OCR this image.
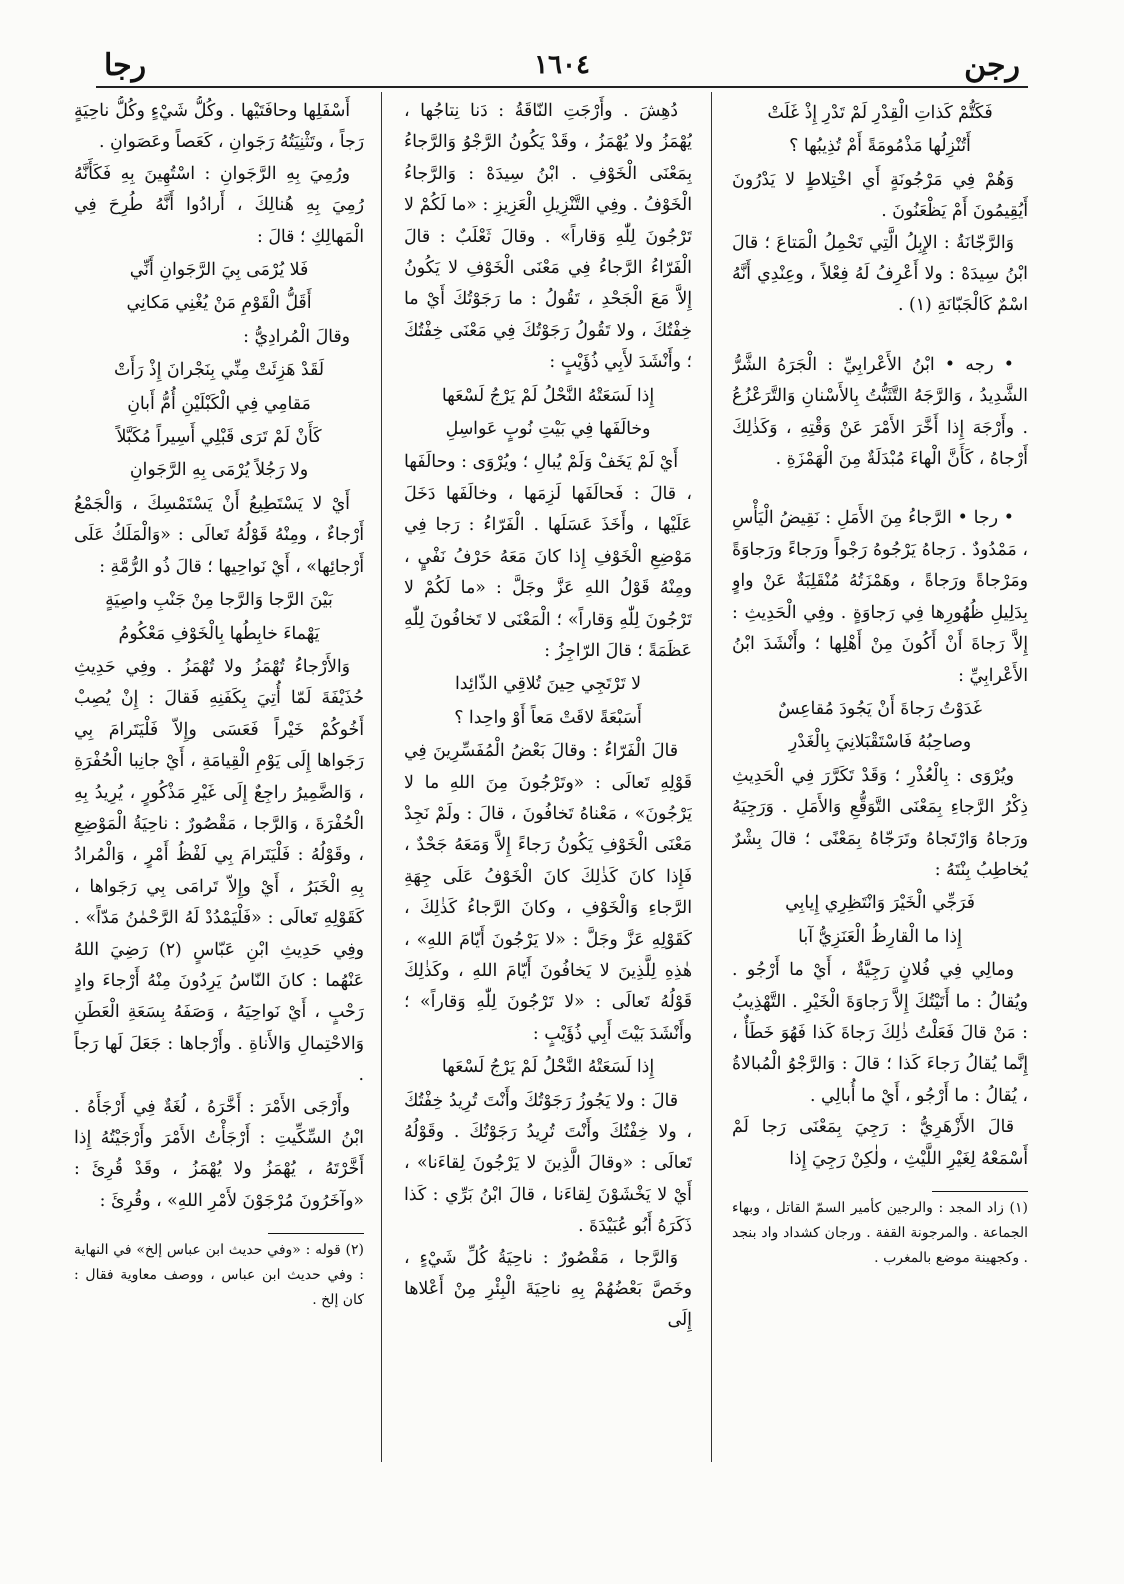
رجن
١٦٠٤
رجا

فَكَتُّمْ كَذاتِ الْقِدْرِ لَمْ تَدْرِ إِذْ غَلَتْ

أَتُنْزِلُها مَذْمُومَةً أَمْ تُذِيبُها ؟

وَهُمْ فِي مَرْجُونَةٍ أَي اخْتِلاطٍ لا يَدْرُونَ أَيُقِيمُونَ أَمْ يَظْعَنُونَ .

وَالرَّجّانَةُ : الإِبِلُ الَّتِي تَحْمِلُ الْمَتاعَ ؛ قالَ ابْنُ سِيدَهْ : ولا أَعْرِفُ لَهُ فِعْلاً ، وعِنْدِي أَنَّهُ اسْمٌ كَالْجَبّانَةِ (١) .

• رجه • ابْنُ الأَعْرابِيِّ : الْجَرَهُ الشَّرُّ الشَّدِيدُ ، وَالرَّجَهُ التَّثَبُّتُ بِالأَسْنانِ وَالتَّرَعْزُعُ . وأَرْجَهَ إِذا أَخَّرَ الأَمْرَ عَنْ وَقْتِهِ ، وَكَذٰلِكَ أَرْجاهُ ، كَأَنَّ الْهاءَ مُبْدَلَةٌ مِنَ الْهَمْزَةِ .

• رجا • الرَّجاءُ مِنَ الأَمَلِ : نَقِيضُ الْيَأْسِ ، مَمْدُودٌ . رَجاهُ يَرْجُوهُ رَجْواً ورَجاءً ورَجاوَةً ومَرْجاةً ورَجاةً ، وهَمْزَتُهُ مُنْقَلِبَةٌ عَنْ واوٍ بِدَلِيلِ ظُهُورِها فِي رَجاوَةٍ . وفِي الْحَدِيثِ : إِلاَّ رَجاةَ أَنْ أَكُونَ مِنْ أَهْلِها ؛ وأَنْشَدَ ابْنُ الأَعْرابِيِّ :

غَدَوْتُ رَجاةَ أَنْ يَجُودَ مُقاعِسٌ

وصاحِبُهُ فَاسْتَقْبَلانِيَ بِالْغَدْرِ

ويُرْوَى : بِالْعُذْرِ ؛ وَقَدْ تَكَرَّرَ فِي الْحَدِيثِ ذِكْرُ الرَّجاءِ بِمَعْنَى التَّوَقُّعِ وَالأَمَلِ . وَرَجِيَهُ ورَجاهُ وَارْتَجاهُ وتَرَجّاهُ بِمَعْنًى ؛ قالَ بِشْرٌ يُخاطِبُ بِنْتَهُ :

فَرَجِّي الْخَيْرَ وَانْتَظِرِي إِيابِي

إِذا ما الْقارِظُ الْعَنَزِيُّ آبا

ومالِي فِي فُلانٍ رَجِيَّةٌ ، أَيْ ما أَرْجُو . ويُقالُ : ما أَتَيْتُكَ إِلاَّ رَجاوَةَ الْخَيْرِ . التَّهْذِيبُ : مَنْ قالَ فَعَلْتُ ذٰلِكَ رَجاةَ كَذا فَهُوَ خَطَأٌ ، إِنَّما يُقالُ رَجاءَ كَذا ؛ قالَ : وَالرَّجْوُ الْمُبالاةُ ، يُقالُ : ما أَرْجُو ، أَيْ ما أُبالِي .

قالَ الأَزْهَرِيُّ : رَجِيَ بِمَعْنَى رَجا لَمْ أَسْمَعْهُ لِغَيْرِ اللَّيْثِ ، ولٰكِنْ رَجِيَ إِذا

(١) زاد المجد : والرجين كأمير السمّ القاتل ، وبهاء الجماعة . والمرجونة القفة . ورجان كشداد واد بنجد . وكجهينة موضع بالمغرب .

دُهِشَ . وأَرْجَتِ النّاقَةُ : دَنا نِتاجُها ، يُهْمَزُ ولا يُهْمَزُ ، وقَدْ يَكُونُ الرَّجْوُ وَالرَّجاءُ بِمَعْنَى الْخَوْفِ . ابْنُ سِيدَهْ : وَالرَّجاءُ الْخَوْفُ . وفِي التَّنْزِيلِ الْعَزِيزِ : «ما لَكُمْ لا تَرْجُونَ لِلّٰهِ وَقاراً» . وقالَ ثَعْلَبٌ : قالَ الْفَرّاءُ الرَّجاءُ فِي مَعْنَى الْخَوْفِ لا يَكُونُ إِلاَّ مَعَ الْجَحْدِ ، تَقُولُ : ما رَجَوْتُكَ أَيْ ما خِفْتُكَ ، ولا تَقُولُ رَجَوْتُكَ فِي مَعْنَى خِفْتُكَ ؛ وأَنْشَدَ لأَبِي ذُؤَيْبٍ :

إِذا لَسَعَتْهُ النَّحْلُ لَمْ يَرْجُ لَسْعَها

وخالَفَها فِي بَيْتِ نُوبٍ عَواسِلِ

أَيْ لَمْ يَخَفْ وَلَمْ يُبالِ ؛ ويُرْوَى : وحالَفَها ، قالَ : فَحالَفَها لَزِمَها ، وخالَفَها دَخَلَ عَلَيْها ، وأَخَذَ عَسَلَها . الْفَرّاءُ : رَجا فِي مَوْضِعِ الْخَوْفِ إِذا كانَ مَعَهُ حَرْفُ نَفْيٍ ، ومِنْهُ قَوْلُ اللهِ عَزَّ وجَلَّ : «ما لَكُمْ لا تَرْجُونَ لِلّٰهِ وَقاراً» ؛ الْمَعْنَى لا تَخافُونَ لِلّٰهِ عَظَمَةً ؛ قالَ الرّاجِزُ :

لا تَرْتَجِي حِينَ تُلاقِي الذّائِدا

أَسَبْعَةً لاقَتْ مَعاً أَوْ واحِدا ؟

قالَ الْفَرّاءُ : وقالَ بَعْضُ الْمُفَسِّرِينَ فِي قَوْلِهِ تَعالَى : «وتَرْجُونَ مِنَ اللهِ ما لا يَرْجُونَ» ، مَعْناهُ تَخافُونَ ، قالَ : ولَمْ نَجِدْ مَعْنَى الْخَوْفِ يَكُونُ رَجاءً إِلاَّ وَمَعَهُ جَحْدٌ ، فَإِذا كانَ كَذٰلِكَ كانَ الْخَوْفُ عَلَى جِهَةِ الرَّجاءِ وَالْخَوْفِ ، وكانَ الرَّجاءُ كَذٰلِكَ ، كَقَوْلِهِ عَزَّ وجَلَّ : «لا يَرْجُونَ أَيّامَ اللهِ» ، هٰذِهِ لِلَّذِينَ لا يَخافُونَ أَيّامَ اللهِ ، وكَذٰلِكَ قَوْلُهُ تَعالَى : «لا تَرْجُونَ لِلّٰهِ وَقاراً» ؛ وأَنْشَدَ بَيْتَ أَبِي ذُؤَيْبٍ :

إِذا لَسَعَتْهُ النَّحْلُ لَمْ يَرْجُ لَسْعَها

قالَ : ولا يَجُوزُ رَجَوْتُكَ وأَنْتَ تُرِيدُ خِفْتُكَ ، ولا خِفْتُكَ وأَنْتَ تُرِيدُ رَجَوْتُكَ . وقَوْلُهُ تَعالَى : «وقالَ الَّذِينَ لا يَرْجُونَ لِقاءَنا» ، أَيْ لا يَخْشَوْنَ لِقاءَنا ، قالَ ابْنُ بَرِّي : كَذا ذَكَرَهُ أَبُو عُبَيْدَةَ .

وَالرَّجا ، مَقْصُورٌ : ناحِيَةُ كُلِّ شَيْءٍ ، وخَصَّ بَعْضُهُمْ بِهِ ناحِيَةَ الْبِئْرِ مِنْ أَعْلاها إِلَى

أَسْفَلِها وحافَتَيْها . وكُلُّ شَيْءٍ وكُلُّ ناحِيَةٍ رَجاً ، وتَثْنِيَتُهُ رَجَوانِ ، كَعَصاً وعَصَوانِ .

ورُمِيَ بِهِ الرَّجَوانِ : اسْتُهِينَ بِهِ فَكَأَنَّهُ رُمِيَ بِهِ هُنالِكَ ، أَرادُوا أَنَّهُ طُرِحَ فِي الْمَهالِكِ ؛ قالَ :

فَلا يُرْمَى بِيَ الرَّجَوانِ أَنِّي

أَقَلُّ الْقَوْمِ مَنْ يُغْنِي مَكانِي

وقالَ الْمُرادِيُّ :

لَقَدْ هَزِئَتْ مِنِّي بِنَجْرانَ إِذْ رَأَتْ

مَقامِي فِي الْكَبْلَيْنِ أُمُّ أَبانِ

كَأَنْ لَمْ تَرَى قَبْلِي أَسِيراً مُكَبَّلاً

ولا رَجُلاً يُرْمَى بِهِ الرَّجَوانِ

أَيْ لا يَسْتَطِيعُ أَنْ يَسْتَمْسِكَ ، وَالْجَمْعُ أَرْجاءٌ ، ومِنْهُ قَوْلُهُ تَعالَى : «وَالْمَلَكُ عَلَى أَرْجائِها» ، أَيْ نَواحِيها ؛ قالَ ذُو الرُّمَّةِ :

بَيْنَ الرَّجا وَالرَّجا مِنْ جَنْبِ واصِيَةٍ

يَهْماءَ خابِطُها بِالْخَوْفِ مَعْكُومُ

وَالأَرْجاءُ تُهْمَزُ ولا تُهْمَزُ . وفِي حَدِيثِ حُذَيْفَةَ لَمّا أُتِيَ بِكَفَنِهِ فَقالَ : إِنْ يُصِبْ أَخُوكُمْ خَيْراً فَعَسَى وإِلاّ فَلْيَتَرامَ بِي رَجَواها إِلَى يَوْمِ الْقِيامَةِ ، أَيْ جانِبا الْحُفْرَةِ ، وَالضَّمِيرُ راجِعٌ إِلَى غَيْرِ مَذْكُورٍ ، يُرِيدُ بِهِ الْحُفْرَةَ ، وَالرَّجا ، مَقْصُورٌ : ناحِيَةُ الْمَوْضِعِ ، وقَوْلُهُ : فَلْيَتَرامَ بِي لَفْظُ أَمْرٍ ، وَالْمُرادُ بِهِ الْخَبَرُ ، أَيْ وإِلاّ تَرامَى بِي رَجَواها ، كَقَوْلِهِ تَعالَى : «فَلْيَمْدُدْ لَهُ الرَّحْمٰنُ مَدّاً» . وفِي حَدِيثِ ابْنِ عَبّاسٍ (٢) رَضِيَ اللهُ عَنْهُما : كانَ النّاسُ يَرِدُونَ مِنْهُ أَرْجاءَ وادٍ رَحْبٍ ، أَيْ نَواحِيَهُ ، وَصَفَهُ بِسَعَةِ الْعَطَنِ وَالاحْتِمالِ وَالأَناةِ . وأَرْجاها : جَعَلَ لَها رَجاً .

وأَرْجَى الأَمْرَ : أَخَّرَهُ ، لُغَةٌ فِي أَرْجَأَهُ . ابْنُ السِّكِّيتِ : أَرْجَأْتُ الأَمْرَ وأَرْجَيْتُهُ إِذا أَخَّرْتَهُ ، يُهْمَزُ ولا يُهْمَزُ ، وقَدْ قُرِئَ : «وآخَرُونَ مُرْجَوْنَ لأَمْرِ اللهِ» ، وقُرِئَ :

(٢) قوله : «وفي حديث ابن عباس إلخ» في النهاية : وفي حديث ابن عباس ، ووصف معاوية فقال : كان إلخ .
